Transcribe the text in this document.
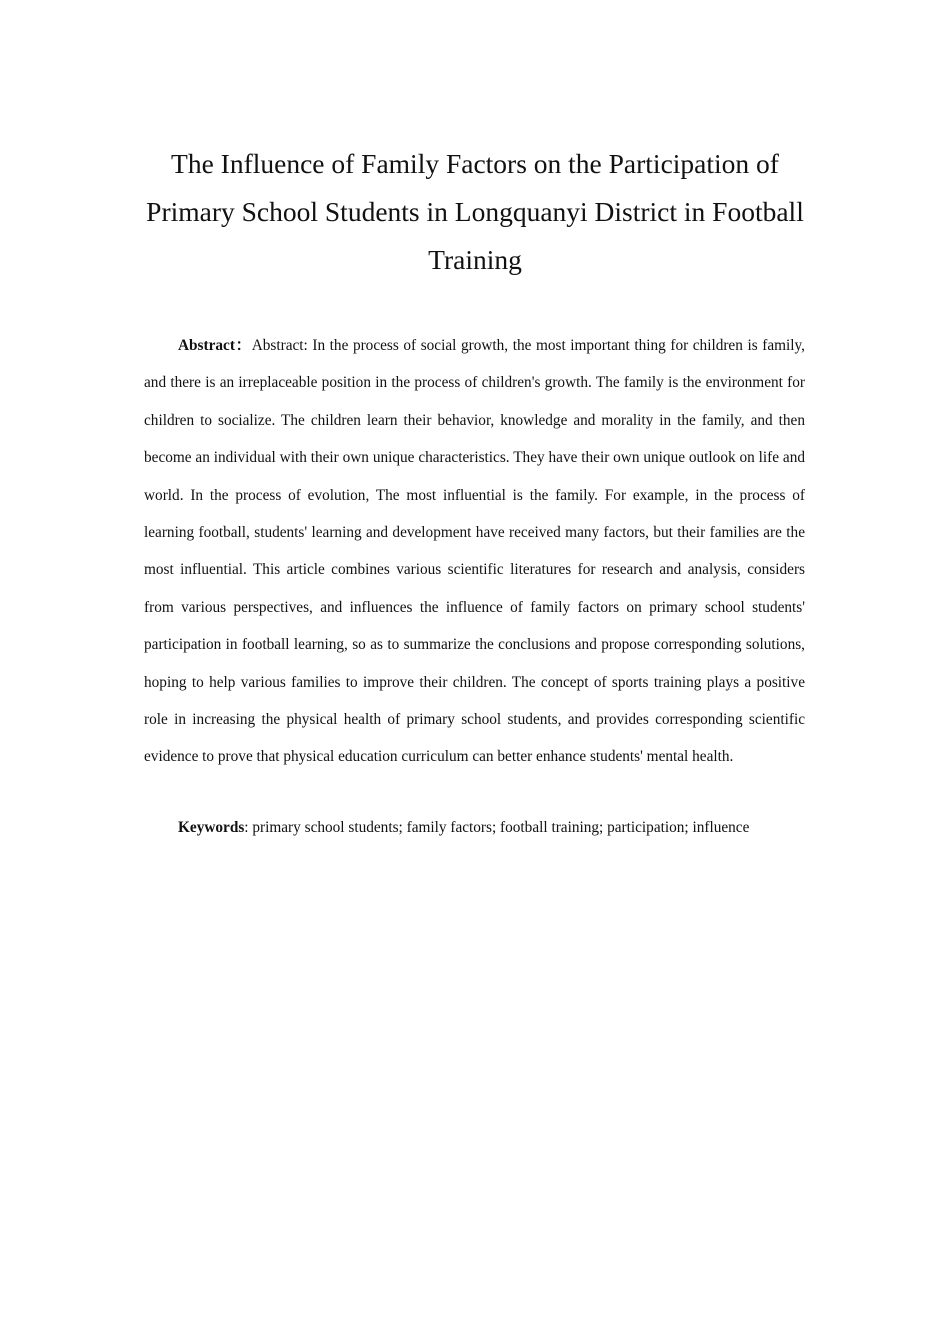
The Influence of Family Factors on the Participation of Primary School Students in Longquanyi District in Football Training

Abstract：Abstract: In the process of social growth, the most important thing for children is family, and there is an irreplaceable position in the process of children's growth. The family is the environment for children to socialize. The children learn their behavior, knowledge and morality in the family, and then become an individual with their own unique characteristics. They have their own unique outlook on life and world. In the process of evolution, The most influential is the family. For example, in the process of learning football, students' learning and development have received many factors, but their families are the most influential. This article combines various scientific literatures for research and analysis, considers from various perspectives, and influences the influence of family factors on primary school students' participation in football learning, so as to summarize the conclusions and propose corresponding solutions, hoping to help various families to improve their children. The concept of sports training plays a positive role in increasing the physical health of primary school students, and provides corresponding scientific evidence to prove that physical education curriculum can better enhance students' mental health.

Keywords: primary school students; family factors; football training; participation; influence
